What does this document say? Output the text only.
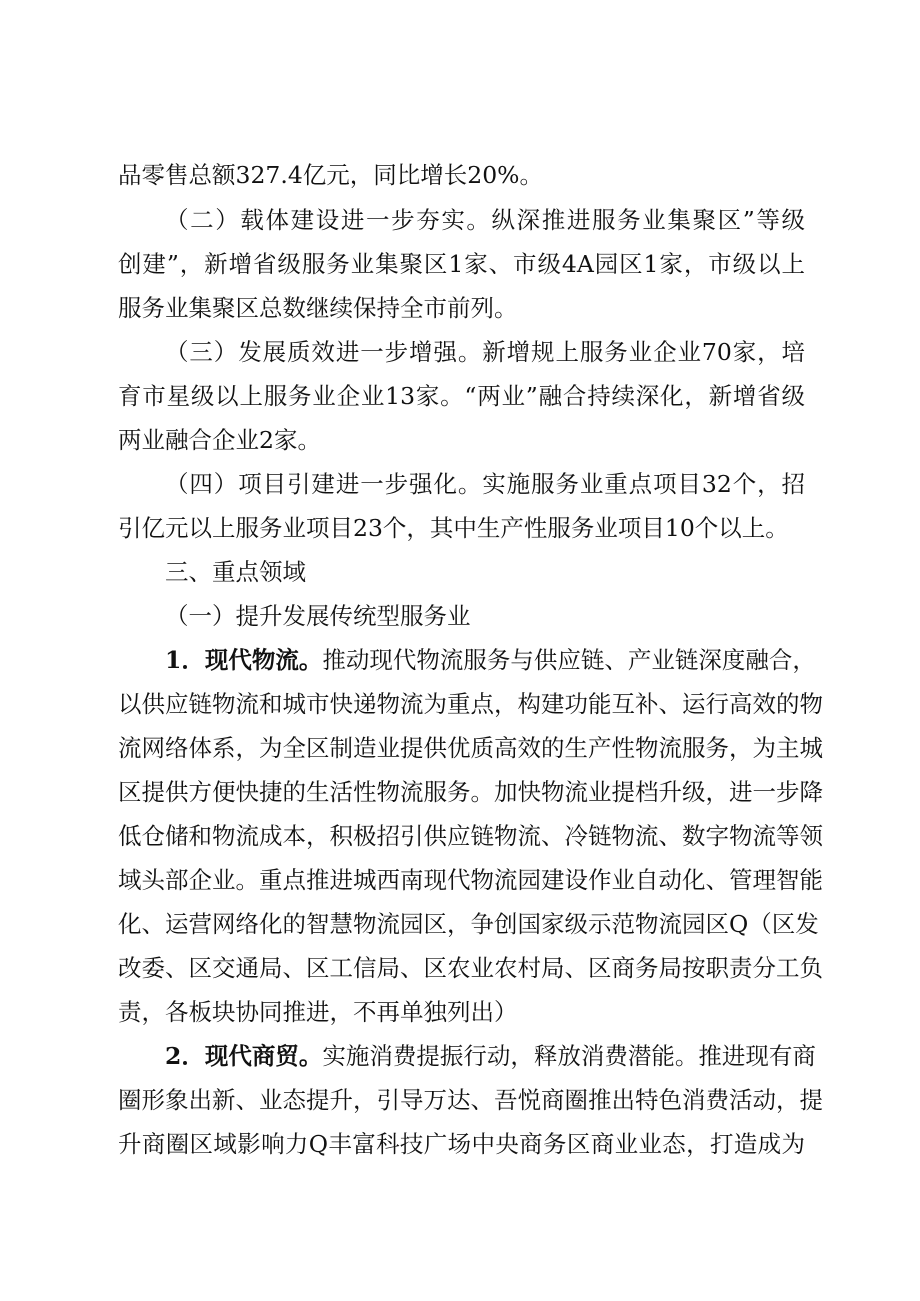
品零售总额327.4亿元，同比增长20%。
（二）载体建设进一步夯实。纵深推进服务业集聚区”等级
创建”，新增省级服务业集聚区1家、市级4A园区1家，市级以上
服务业集聚区总数继续保持全市前列。
（三）发展质效进一步增强。新增规上服务业企业70家，培
育市星级以上服务业企业13家。“两业”融合持续深化，新增省级
两业融合企业2家。
（四）项目引建进一步强化。实施服务业重点项目32个，招
引亿元以上服务业项目23个，其中生产性服务业项目10个以上。
三、重点领域
（一）提升发展传统型服务业
1．现代物流。 推动现代物流服务与供应链、产业链深度融合，
以供应链物流和城市快递物流为重点，构建功能互补、运行高效的物
流网络体系，为全区制造业提供优质高效的生产性物流服务，为主城
区提供方便快捷的生活性物流服务。加快物流业提档升级，进一步降
低仓储和物流成本，积极招引供应链物流、冷链物流、数字物流等领
域头部企业。重点推进城西南现代物流园建设作业自动化、管理智能
化、运营网络化的智慧物流园区，争创国家级示范物流园区Q（区发
改委、区交通局、区工信局、区农业农村局、区商务局按职责分工负
责，各板块协同推进，不再单独列出）
2．现代商贸。 实施消费提振行动，释放消费潜能。推进现有商
圈形象出新、业态提升，引导万达、吾悦商圈推出特色消费活动，提
升商圈区域影响力Q丰富科技广场中央商务区商业业态，打造成为
